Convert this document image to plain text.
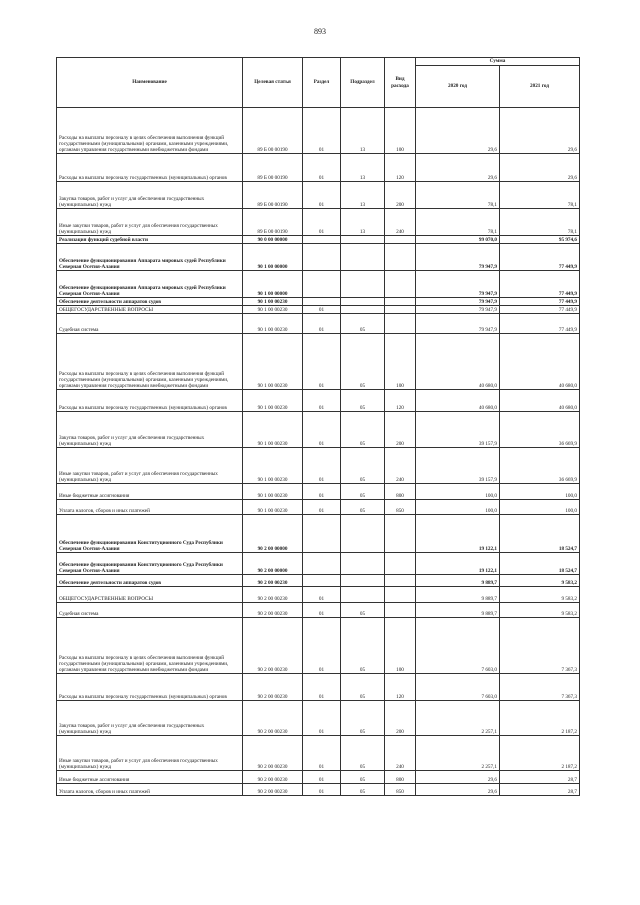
893
Наименование	Целевая статья	Раздел	Подраздел	Вид расхода	Сумма	
					2020 год	2021 год
Расходы на выплаты персоналу в целях обеспечения выполнения функций государственными (муниципальными) органами, казенными учреждениями, органами управления государственными внебюджетными фондами	89 Б 00 00190	01	13	100	29,6	29,6
Расходы на выплаты персоналу государственных (муниципальных) органов	89 Б 00 00190	01	13	120	29,6	29,6
Закупка товаров, работ и услуг для обеспечения государственных (муниципальных) нужд	89 Б 00 00190	01	13	200	78,1	78,1
Иные закупки товаров, работ и услуг для обеспечения государственных (муниципальных) нужд	89 Б 00 00190	01	13	240	78,1	78,1
Реализация функций судебной власти	90 0 00 00000				99 070,0	95 974,6
Обеспечение функционирования Аппарата мировых судей Республики Северная Осетия-Алания	90 1 00 00000				79 947,9	77 449,9
Обеспечение функционирования Аппарата мировых судей Республики Северная Осетия-Алания	90 1 00 00000				79 947,9	77 449,9
Обеспечение деятельности аппаратов судов	90 1 00 00230				79 947,9	77 449,9
ОБЩЕГОСУДАРСТВЕННЫЕ ВОПРОСЫ	90 1 00 00230	01			79 947,9	77 449,9
Судебная система	90 1 00 00230	01	05		79 947,9	77 449,9
Расходы на выплаты персоналу в целях обеспечения выполнения функций государственными (муниципальными) органами, казенными учреждениями, органами управления государственными внебюджетными фондами	90 1 00 00230	01	05	100	40 680,0	40 680,0
Расходы на выплаты персоналу государственных (муниципальных) органов	90 1 00 00230	01	05	120	40 680,0	40 680,0
Закупка товаров, работ и услуг для обеспечения государственных (муниципальных) нужд	90 1 00 00230	01	05	200	39 157,9	36 669,9
Иные закупки товаров, работ и услуг для обеспечения государственных (муниципальных) нужд	90 1 00 00230	01	05	240	39 157,9	36 669,9
Иные бюджетные ассигнования	90 1 00 00230	01	05	800	100,0	100,0
Уплата налогов, сборов и иных платежей	90 1 00 00230	01	05	850	100,0	100,0
Обеспечение функционирования Конституционного Суда Республики Северная Осетия-Алания	90 2 00 00000				19 122,1	18 524,7
Обеспечение функционирования Конституционного Суда Республики Северная Осетия-Алания	90 2 00 00000				19 122,1	18 524,7
Обеспечение деятельности аппаратов судов	90 2 00 00230				9 889,7	9 583,2
ОБЩЕГОСУДАРСТВЕННЫЕ ВОПРОСЫ	90 2 00 00230	01			9 889,7	9 583,2
Судебная система	90 2 00 00230	01	05		9 889,7	9 583,2
Расходы на выплаты персоналу в целях обеспечения выполнения функций государственными (муниципальными) органами, казенными учреждениями, органами управления государственными внебюджетными фондами	90 2 00 00230	01	05	100	7 603,0	7 367,3
Расходы на выплаты персоналу государственных (муниципальных) органов	90 2 00 00230	01	05	120	7 603,0	7 367,3
Закупка товаров, работ и услуг для обеспечения государственных (муниципальных) нужд	90 2 00 00230	01	05	200	2 257,1	2 187,2
Иные закупки товаров, работ и услуг для обеспечения государственных (муниципальных) нужд	90 2 00 00230	01	05	240	2 257,1	2 187,2
Иные бюджетные ассигнования	90 2 00 00230	01	05	800	29,6	28,7
Уплата налогов, сборов и иных платежей	90 2 00 00230	01	05	850	29,6	28,7
